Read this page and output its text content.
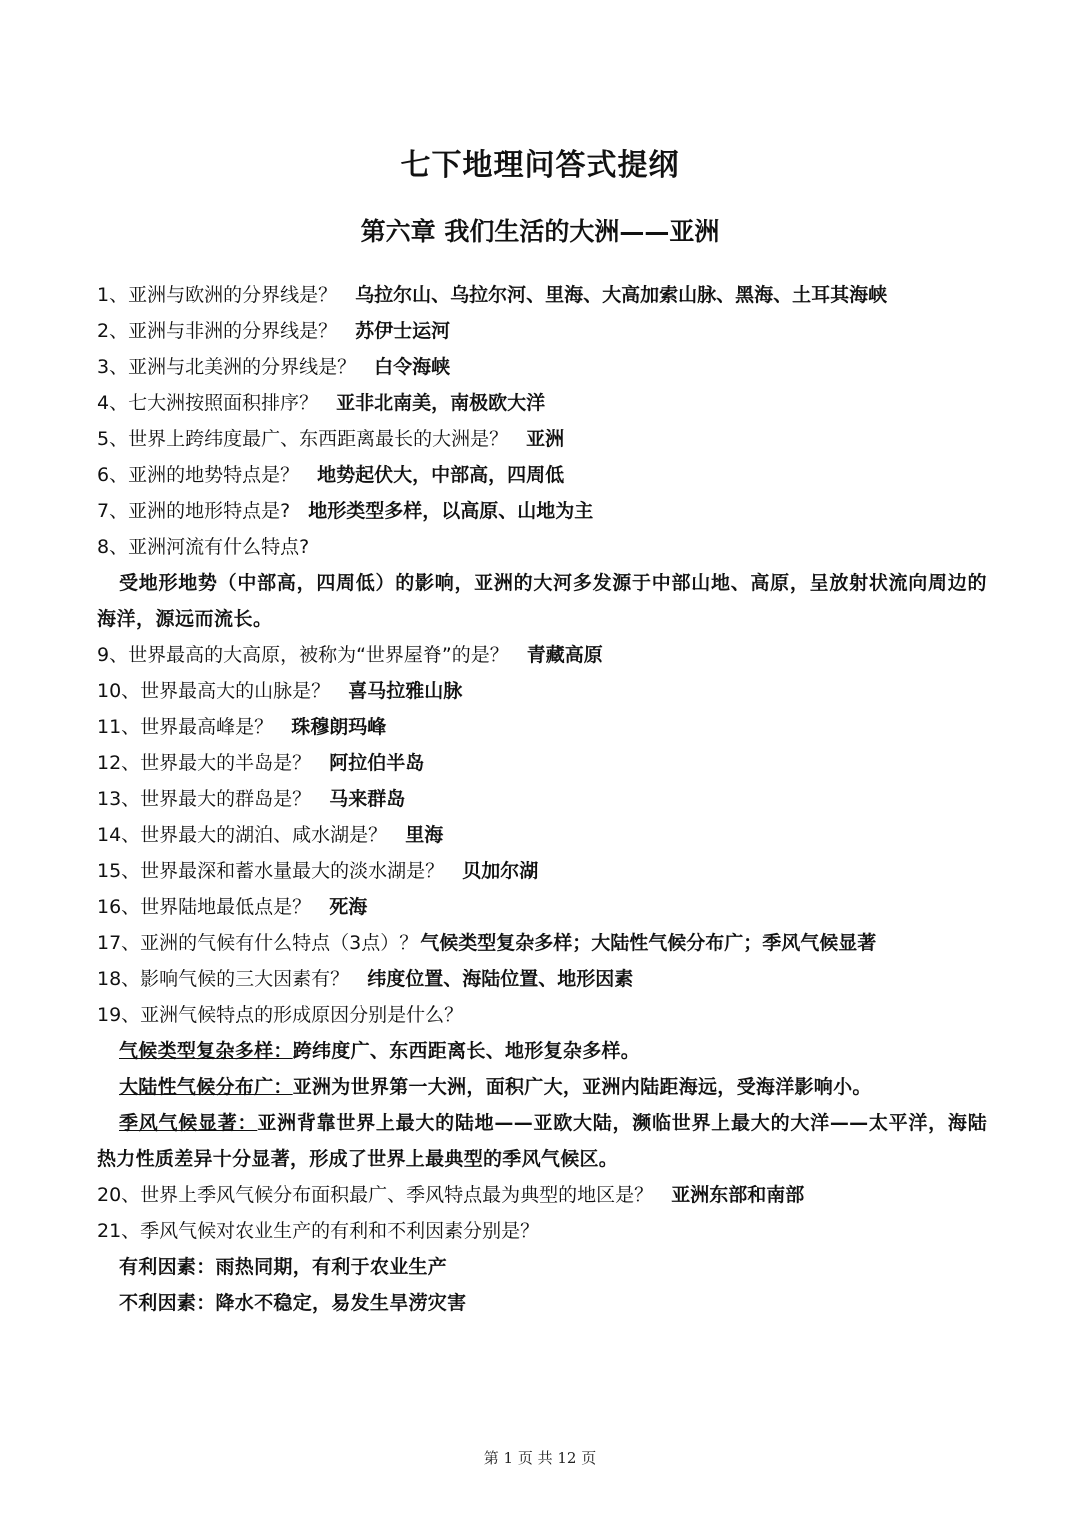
七下地理问答式提纲
第六章 我们生活的大洲——亚洲
1、亚洲与欧洲的分界线是？ 乌拉尔山、乌拉尔河、里海、大高加索山脉、黑海、土耳其海峡
2、亚洲与非洲的分界线是？ 苏伊士运河
3、亚洲与北美洲的分界线是？ 白令海峡
4、七大洲按照面积排序？ 亚非北南美，南极欧大洋
5、世界上跨纬度最广、东西距离最长的大洲是？ 亚洲
6、亚洲的地势特点是？ 地势起伏大，中部高，四周低
7、亚洲的地形特点是? 地形类型多样，以高原、山地为主
8、亚洲河流有什么特点?
受地形地势（中部高，四周低）的影响，亚洲的大河多发源于中部山地、高原，呈放射状流向周边的海洋，源远而流长。
9、世界最高的大高原，被称为“世界屋脊”的是？ 青藏高原
10、世界最高大的山脉是？ 喜马拉雅山脉
11、世界最高峰是？ 珠穆朗玛峰
12、世界最大的半岛是？ 阿拉伯半岛
13、世界最大的群岛是？ 马来群岛
14、世界最大的湖泊、咸水湖是？ 里海
15、世界最深和蓄水量最大的淡水湖是？ 贝加尔湖
16、世界陆地最低点是？ 死海
17、亚洲的气候有什么特点（3点）？ 气候类型复杂多样；大陆性气候分布广；季风气候显著
18、影响气候的三大因素有？ 纬度位置、海陆位置、地形因素
19、亚洲气候特点的形成原因分别是什么？
气候类型复杂多样：跨纬度广、东西距离长、地形复杂多样。
大陆性气候分布广：亚洲为世界第一大洲，面积广大，亚洲内陆距海远，受海洋影响小。
季风气候显著：亚洲背靠世界上最大的陆地——亚欧大陆，濒临世界上最大的大洋——太平洋，海陆热力性质差异十分显著，形成了世界上最典型的季风气候区。
20、世界上季风气候分布面积最广、季风特点最为典型的地区是？ 亚洲东部和南部
21、季风气候对农业生产的有利和不利因素分别是？
有利因素：雨热同期，有利于农业生产
不利因素：降水不稳定，易发生旱涝灾害
第 1 页 共 12 页
